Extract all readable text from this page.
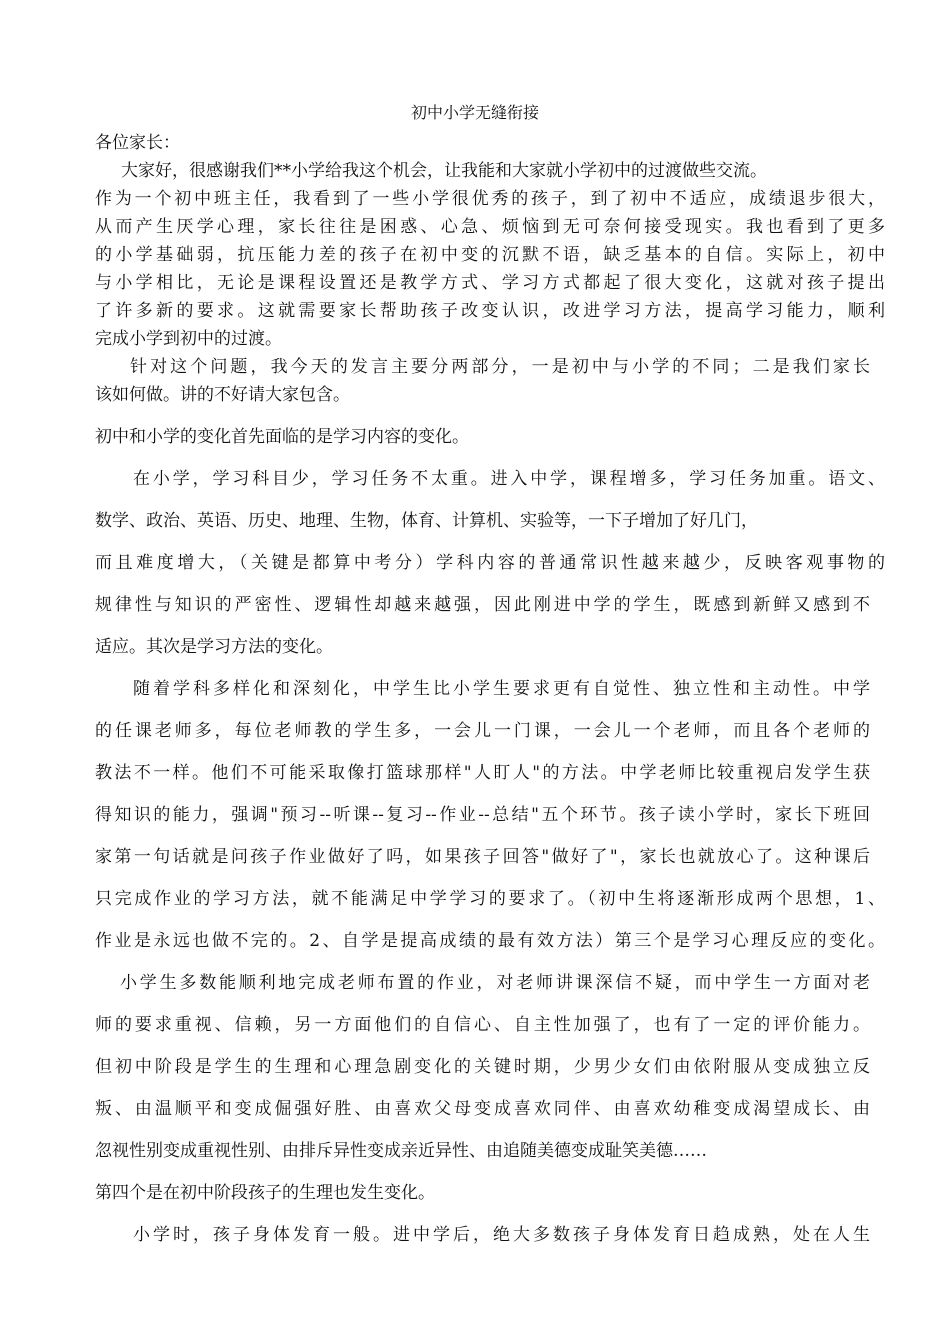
初中小学无缝衔接
各位家长：
大家好，很感谢我们**小学给我这个机会，让我能和大家就小学初中的过渡做些交流。
作为一个初中班主任，我看到了一些小学很优秀的孩子，到了初中不适应，成绩退步很大，
从而产生厌学心理，家长往往是困惑、心急、烦恼到无可奈何接受现实。我也看到了更多
的小学基础弱，抗压能力差的孩子在初中变的沉默不语，缺乏基本的自信。实际上，初中
与小学相比，无论是课程设置还是教学方式、学习方式都起了很大变化，这就对孩子提出
了许多新的要求。这就需要家长帮助孩子改变认识，改进学习方法，提高学习能力，顺利
完成小学到初中的过渡。
针对这个问题，我今天的发言主要分两部分，一是初中与小学的不同；二是我们家长
该如何做。讲的不好请大家包含。
初中和小学的变化首先面临的是学习内容的变化。
在小学，学习科目少，学习任务不太重。进入中学，课程增多，学习任务加重。语文、
数学、政治、英语、历史、地理、生物，体育、计算机、实验等，一下子增加了好几门，
而且难度增大，（关键是都算中考分）学科内容的普通常识性越来越少，反映客观事物的
规律性与知识的严密性、逻辑性却越来越强，因此刚进中学的学生，既感到新鲜又感到不
适应。其次是学习方法的变化。
随着学科多样化和深刻化，中学生比小学生要求更有自觉性、独立性和主动性。中学
的任课老师多，每位老师教的学生多，一会儿一门课，一会儿一个老师，而且各个老师的
教法不一样。他们不可能采取像打篮球那样"人盯人"的方法。中学老师比较重视启发学生获
得知识的能力，强调"预习--听课--复习--作业--总结"五个环节。孩子读小学时，家长下班回
家第一句话就是问孩子作业做好了吗，如果孩子回答"做好了"，家长也就放心了。这种课后
只完成作业的学习方法，就不能满足中学学习的要求了。（初中生将逐渐形成两个思想，1、
作业是永远也做不完的。2、自学是提高成绩的最有效方法）第三个是学习心理反应的变化。
小学生多数能顺利地完成老师布置的作业，对老师讲课深信不疑，而中学生一方面对老
师的要求重视、信赖，另一方面他们的自信心、自主性加强了，也有了一定的评价能力。
但初中阶段是学生的生理和心理急剧变化的关键时期，少男少女们由依附服从变成独立反
叛、由温顺平和变成倔强好胜、由喜欢父母变成喜欢同伴、由喜欢幼稚变成渴望成长、由
忽视性别变成重视性别、由排斥异性变成亲近异性、由追随美德变成耻笑美德……
第四个是在初中阶段孩子的生理也发生变化。
小学时，孩子身体发育一般。进中学后，绝大多数孩子身体发育日趋成熟，处在人生
